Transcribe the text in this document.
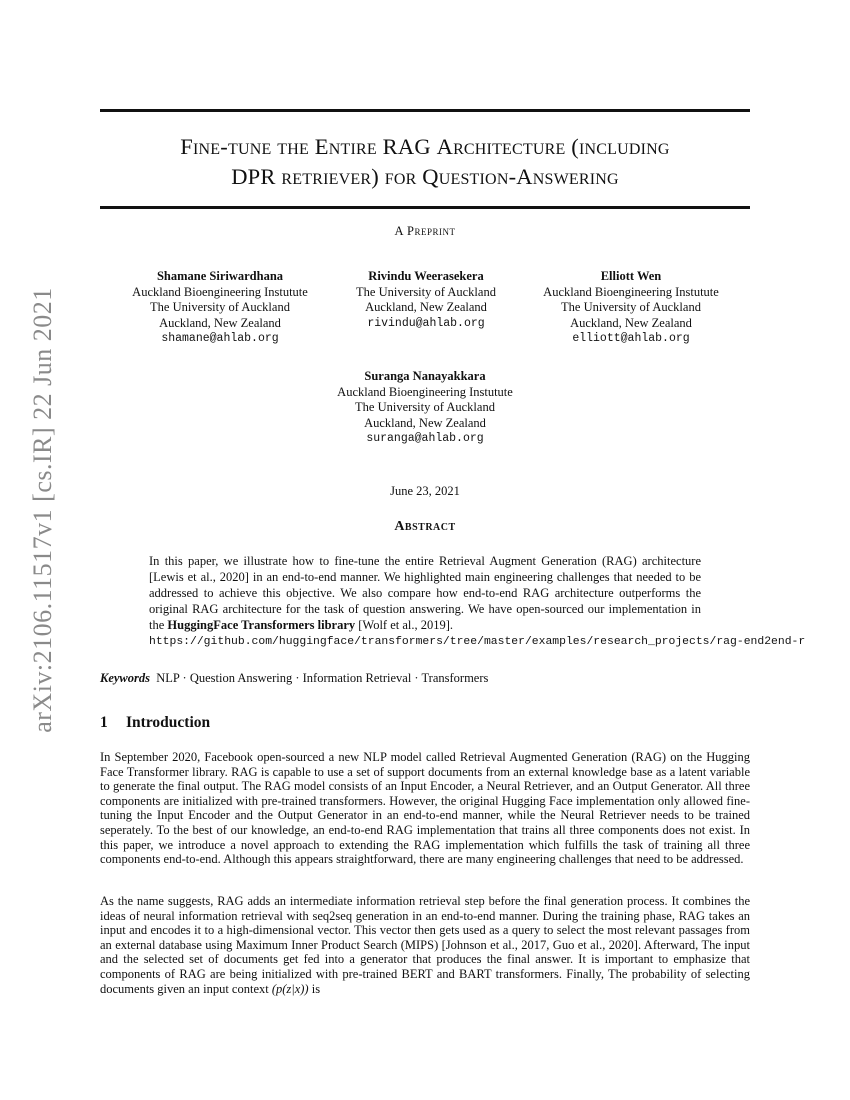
arXiv:2106.11517v1 [cs.IR] 22 Jun 2021
Fine-tune the Entire RAG Architecture (including
DPR retriever) for Question-Answering
A Preprint
Shamane Siriwardhana
Auckland Bioengineering Instutute
The University of Auckland
Auckland, New Zealand
shamane@ahlab.org
Rivindu Weerasekera
The University of Auckland
Auckland, New Zealand
rivindu@ahlab.org
Elliott Wen
Auckland Bioengineering Instutute
The University of Auckland
Auckland, New Zealand
elliott@ahlab.org
Suranga Nanayakkara
Auckland Bioengineering Instutute
The University of Auckland
Auckland, New Zealand
suranga@ahlab.org
June 23, 2021
Abstract
In this paper, we illustrate how to fine-tune the entire Retrieval Augment Generation (RAG) architecture [Lewis et al., 2020] in an end-to-end manner. We highlighted main engineering challenges that needed to be addressed to achieve this objective. We also compare how end-to-end RAG architecture outperforms the original RAG architecture for the task of question answering. We have open-sourced our implementation in the HuggingFace Transformers library [Wolf et al., 2019].
https://github.com/huggingface/transformers/tree/master/examples/research_projects/rag-end2end-r
Keywords NLP · Question Answering · Information Retrieval · Transformers
1 Introduction
In September 2020, Facebook open-sourced a new NLP model called Retrieval Augmented Generation (RAG) on the Hugging Face Transformer library. RAG is capable to use a set of support documents from an external knowledge base as a latent variable to generate the final output. The RAG model consists of an Input Encoder, a Neural Retriever, and an Output Generator. All three components are initialized with pre-trained transformers. However, the original Hugging Face implementation only allowed fine-tuning the Input Encoder and the Output Generator in an end-to-end manner, while the Neural Retriever needs to be trained seperately. To the best of our knowledge, an end-to-end RAG implementation that trains all three components does not exist. In this paper, we introduce a novel approach to extending the RAG implementation which fulfills the task of training all three components end-to-end. Although this appears straightforward, there are many engineering challenges that need to be addressed.
As the name suggests, RAG adds an intermediate information retrieval step before the final generation process. It combines the ideas of neural information retrieval with seq2seq generation in an end-to-end manner. During the training phase, RAG takes an input and encodes it to a high-dimensional vector. This vector then gets used as a query to select the most relevant passages from an external database using Maximum Inner Product Search (MIPS) [Johnson et al., 2017, Guo et al., 2020]. Afterward, The input and the selected set of documents get fed into a generator that produces the final answer. It is important to emphasize that components of RAG are being initialized with pre-trained BERT and BART transformers. Finally, The probability of selecting documents given an input context (p(z|x)) is
